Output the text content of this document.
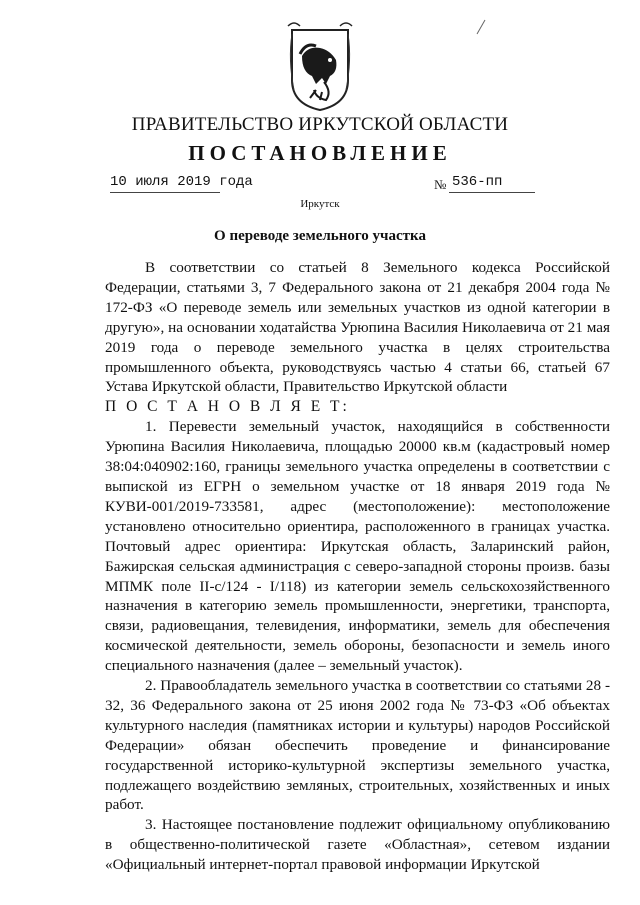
ПРАВИТЕЛЬСТВО ИРКУТСКОЙ ОБЛАСТИ
ПОСТАНОВЛЕНИЕ
10 июля 2019 года	№ 536-пп
Иркутск
О переводе земельного участка

В соответствии со статьей 8 Земельного кодекса Российской Федерации, статьями 3, 7 Федерального закона от 21 декабря 2004 года № 172-ФЗ «О переводе земель или земельных участков из одной категории в другую», на основании ходатайства Урюпина Василия Николаевича от 21 мая 2019 года о переводе земельного участка в целях строительства промышленного объекта, руководствуясь частью 4 статьи 66, статьей 67 Устава Иркутской области, Правительство Иркутской области

П О С Т А Н О В Л Я Е Т:

1. Перевести земельный участок, находящийся в собственности Урюпина Василия Николаевича, площадью 20000 кв.м (кадастровый номер 38:04:040902:160, границы земельного участка определены в соответствии с выпиской из ЕГРН о земельном участке от 18 января 2019 года № КУВИ-001/2019-733581, адрес (местоположение): местоположение установлено относительно ориентира, расположенного в границах участка. Почтовый адрес ориентира: Иркутская область, Заларинский район, Бажирская сельская администрация с северо-западной стороны произв. базы МПМК поле II-с/124 - I/118) из категории земель сельскохозяйственного назначения в категорию земель промышленности, энергетики, транспорта, связи, радиовещания, телевидения, информатики, земель для обеспечения космической деятельности, земель обороны, безопасности и земель иного специального назначения (далее – земельный участок).

2. Правообладатель земельного участка в соответствии со статьями 28 - 32, 36 Федерального закона от 25 июня 2002 года № 73-ФЗ «Об объектах культурного наследия (памятниках истории и культуры) народов Российской Федерации» обязан обеспечить проведение и финансирование государственной историко-культурной экспертизы земельного участка, подлежащего воздействию земляных, строительных, хозяйственных и иных работ.

3. Настоящее постановление подлежит официальному опубликованию в общественно-политической газете «Областная», сетевом издании «Официальный интернет-портал правовой информации Иркутской
